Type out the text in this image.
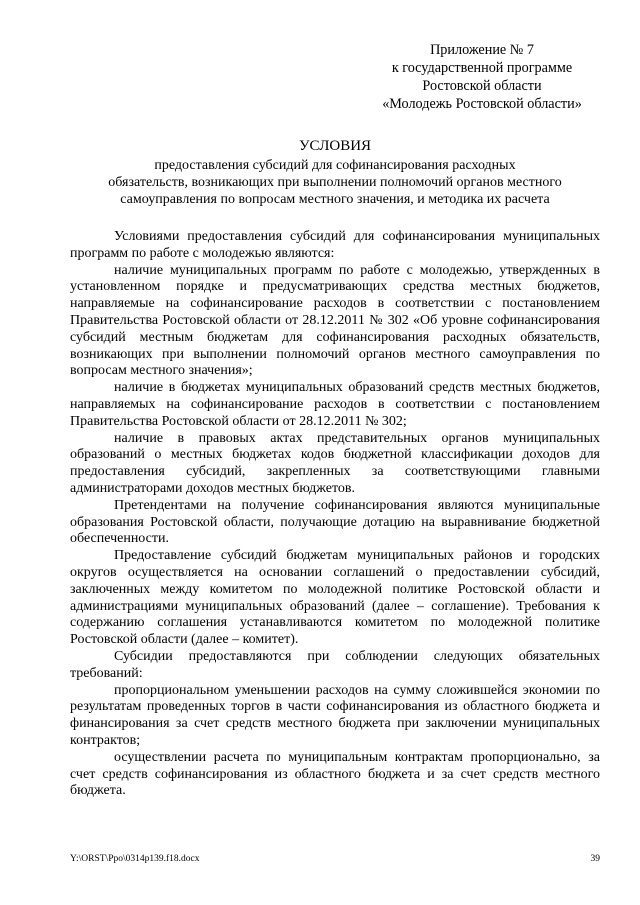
Приложение № 7
к государственной программе
Ростовской области
«Молодежь Ростовской области»
УСЛОВИЯ
предоставления субсидий для софинансирования расходных
обязательств, возникающих при выполнении полномочий органов местного
самоуправления по вопросам местного значения, и методика их расчета

Условиями предоставления субсидий для софинансирования муниципальных программ по работе с молодежью являются:

наличие муниципальных программ по работе с молодежью, утвержденных в установленном порядке и предусматривающих средства местных бюджетов, направляемые на софинансирование расходов в соответствии с постановлением Правительства Ростовской области от 28.12.2011 № 302 «Об уровне софинансирования субсидий местным бюджетам для софинансирования расходных обязательств, возникающих при выполнении полномочий органов местного самоуправления по вопросам местного значения»;

наличие в бюджетах муниципальных образований средств местных бюджетов, направляемых на софинансирование расходов в соответствии с постановлением Правительства Ростовской области от 28.12.2011 № 302;

наличие в правовых актах представительных органов муниципальных образований о местных бюджетах кодов бюджетной классификации доходов для предоставления субсидий, закрепленных за соответствующими главными администраторами доходов местных бюджетов.

Претендентами на получение софинансирования являются муниципальные образования Ростовской области, получающие дотацию на выравнивание бюджетной обеспеченности.

Предоставление субсидий бюджетам муниципальных районов и городских округов осуществляется на основании соглашений о предоставлении субсидий, заключенных между комитетом по молодежной политике Ростовской области и администрациями муниципальных образований (далее – соглашение). Требования к содержанию соглашения устанавливаются комитетом по молодежной политике Ростовской области (далее – комитет).

Субсидии предоставляются при соблюдении следующих обязательных требований:

пропорциональном уменьшении расходов на сумму сложившейся экономии по результатам проведенных торгов в части софинансирования из областного бюджета и финансирования за счет средств местного бюджета при заключении муниципальных контрактов;

осуществлении расчета по муниципальным контрактам пропорционально, за счет средств софинансирования из областного бюджета и за счет средств местного бюджета.

Y:\ORST\Ppo\0314p139.f18.docx	39
